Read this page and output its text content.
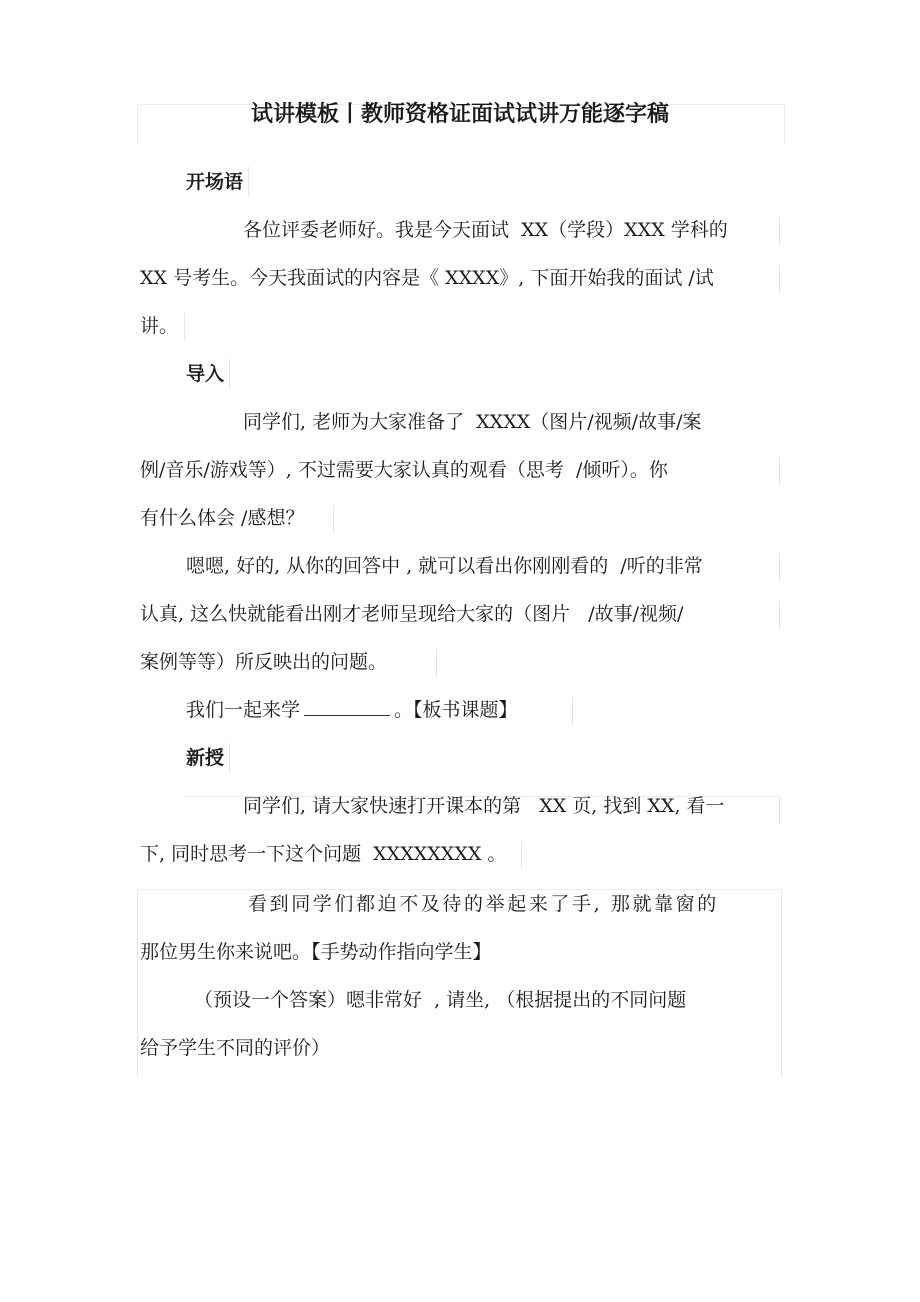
试讲模板丨教师资格证面试试讲万能逐字稿
开场语
各位评委老师好。我是今天面试  XX（学段）XXX 学科的
XX 号考生。今天我面试的内容是《 XXXX》, 下面开始我的面试 /试
讲。
导入
同学们, 老师为大家准备了  XXXX（图片/视频/故事/案
例/音乐/游戏等）, 不过需要大家认真的观看（思考  /倾听）。你
有什么体会 /感想？
嗯嗯, 好的, 从你的回答中 , 就可以看出你刚刚看的  /听的非常
认真, 这么快就能看出刚才老师呈现给大家的（图片   /故事/视频/
案例等等）所反映出的问题。
我们一起来学	。【板书课题】
新授
同学们, 请大家快速打开课本的第   XX 页, 找到 XX, 看一
下, 同时思考一下这个问题  XXXXXXXX 。
看到同学们都迫不及待的举起来了手, 那就靠窗的
那位男生你来说吧。【手势动作指向学生】
（预设一个答案）嗯非常好  , 请坐, （根据提出的不同问题
给予学生不同的评价）
